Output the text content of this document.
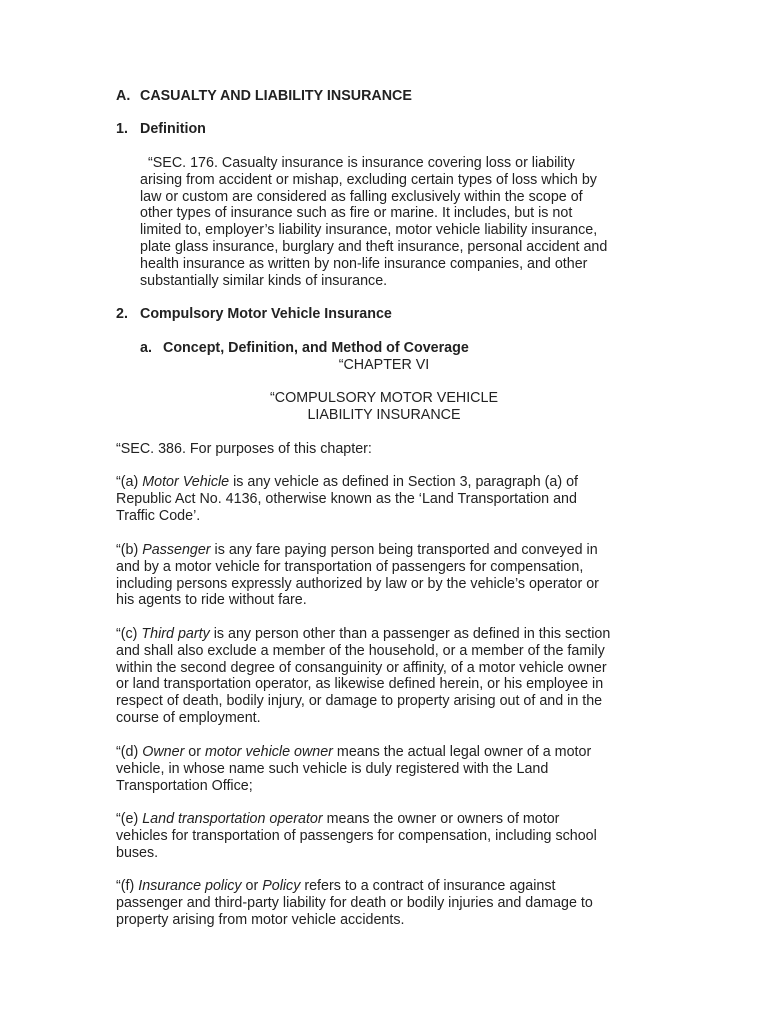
A. CASUALTY AND LIABILITY INSURANCE

1. Definition

“SEC. 176. Casualty insurance is insurance covering loss or liability
arising from accident or mishap, excluding certain types of loss which by
law or custom are considered as falling exclusively within the scope of
other types of insurance such as fire or marine. It includes, but is not
limited to, employer’s liability insurance, motor vehicle liability insurance,
plate glass insurance, burglary and theft insurance, personal accident and
health insurance as written by non-life insurance companies, and other
substantially similar kinds of insurance.

2. Compulsory Motor Vehicle Insurance

a. Concept, Definition, and Method of Coverage

“CHAPTER VI

“COMPULSORY MOTOR VEHICLE
LIABILITY INSURANCE

“SEC. 386. For purposes of this chapter:

“(a) Motor Vehicle is any vehicle as defined in Section 3, paragraph (a) of
Republic Act No. 4136, otherwise known as the ‘Land Transportation and
Traffic Code’.
“(b) Passenger is any fare paying person being transported and conveyed in
and by a motor vehicle for transportation of passengers for compensation,
including persons expressly authorized by law or by the vehicle’s operator or
his agents to ride without fare.
“(c) Third party is any person other than a passenger as defined in this section
and shall also exclude a member of the household, or a member of the family
within the second degree of consanguinity or affinity, of a motor vehicle owner
or land transportation operator, as likewise defined herein, or his employee in
respect of death, bodily injury, or damage to property arising out of and in the
course of employment.
“(d) Owner or motor vehicle owner means the actual legal owner of a motor
vehicle, in whose name such vehicle is duly registered with the Land
Transportation Office;
“(e) Land transportation operator means the owner or owners of motor
vehicles for transportation of passengers for compensation, including school
buses.
“(f) Insurance policy or Policy refers to a contract of insurance against
passenger and third-party liability for death or bodily injuries and damage to
property arising from motor vehicle accidents.
